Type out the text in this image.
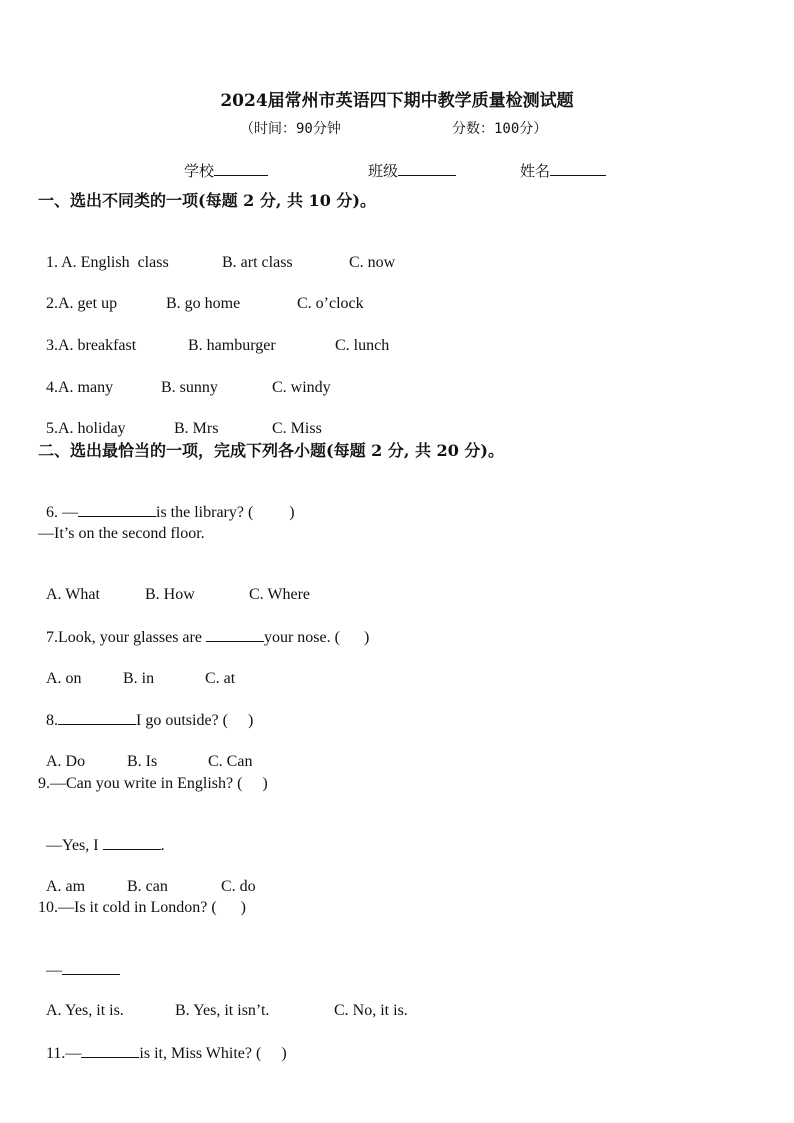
2024届常州市英语四下期中教学质量检测试题
（时间：90分钟	分数：100分）
学校	班级	姓名
一、选出不同类的一项(每题 2 分, 共 10 分)。

1. A. English  class	B. art class	C. now

2.A. get up	B. go home	C. o’clock

3.A. breakfast	B. hamburger	C. lunch

4.A. many	B. sunny	C. windy

5.A. holiday	B. Mrs	C. Miss

二、选出最恰当的一项，完成下列各小题(每题 2 分, 共 20 分)。

6. —	is the library? (         )

—It’s on the second floor.

A. What	B. How	C. Where

7.Look, your glasses are	your nose. (      )

A. on	B. in	C. at

8.	I go outside? (     )

A. Do	B. Is	C. Can

9.—Can you write in English? (     )

—Yes, I	.

A. am	B. can	C. do

10.—Is it cold in London? (      )

—

A. Yes, it is.	B. Yes, it isn’t.	C. No, it is.

11.—	is it, Miss White? (     )
